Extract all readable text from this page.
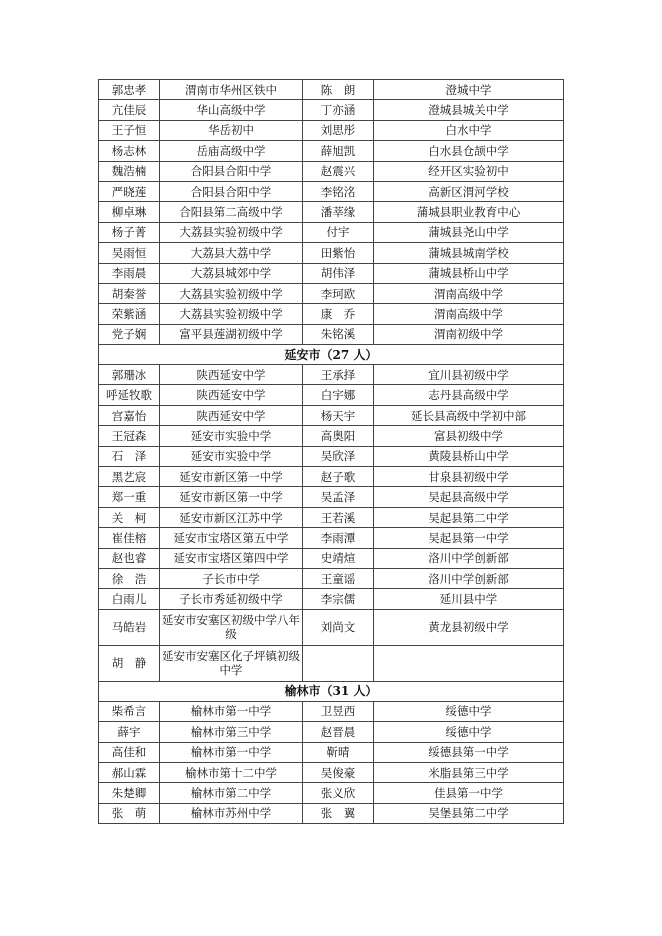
郭忠孝	渭南市华州区铁中	陈　朗	澄城中学
亢佳辰	华山高级中学	丁亦涵	澄城县城关中学
王子恒	华岳初中	刘思彤	白水中学
杨志林	岳庙高级中学	薛旭凯	白水县仓颉中学
魏浩楠	合阳县合阳中学	赵震兴	经开区实验初中
严晓莲	合阳县合阳中学	李铭洺	高新区渭河学校
柳卓琳	合阳县第二高级中学	潘莘缘	蒲城县职业教育中心
杨子菁	大荔县实验初级中学	付宇	蒲城县尧山中学
吴雨恒	大荔县大荔中学	田紫怡	蒲城县城南学校
李雨晨	大荔县城郊中学	胡伟泽	蒲城县桥山中学
胡秦誉	大荔县实验初级中学	李珂欧	渭南高级中学
荣紫涵	大荔县实验初级中学	康　乔	渭南高级中学
党子娴	富平县莲湖初级中学	朱铭溪	渭南初级中学
延安市（27 人）			
郭珊冰	陕西延安中学	王承择	宜川县初级中学
呼延牧歌	陕西延安中学	白宇娜	志丹县高级中学
宫嘉怡	陕西延安中学	杨天宇	延长县高级中学初中部
王冠森	延安市实验中学	高奥阳	富县初级中学
石　泽	延安市实验中学	吴欣泽	黄陵县桥山中学
黑艺宸	延安市新区第一中学	赵子歌	甘泉县初级中学
郑一重	延安市新区第一中学	吴孟泽	吴起县高级中学
关　柯	延安市新区江苏中学	王若溪	吴起县第二中学
崔佳榕	延安市宝塔区第五中学	李雨潭	吴起县第一中学
赵也睿	延安市宝塔区第四中学	史靖煊	洛川中学创新部
徐　浩	子长市中学	王童谣	洛川中学创新部
白雨儿	子长市秀延初级中学	李宗儒	延川县中学
马皓岩	延安市安塞区初级中学八年级	刘尚文	黄龙县初级中学
胡　静	延安市安塞区化子坪镇初级中学		
榆林市（31 人）			
柴希言	榆林市第一中学	卫昱西	绥德中学
薛宇	榆林市第三中学	赵晋晨	绥德中学
高佳和	榆林市第一中学	靳晴	绥德县第一中学
郝山霖	榆林市第十二中学	吴俊豪	米脂县第三中学
朱楚卿	榆林市第二中学	张义欣	佳县第一中学
张　萌	榆林市苏州中学	张　翼	吴堡县第二中学
